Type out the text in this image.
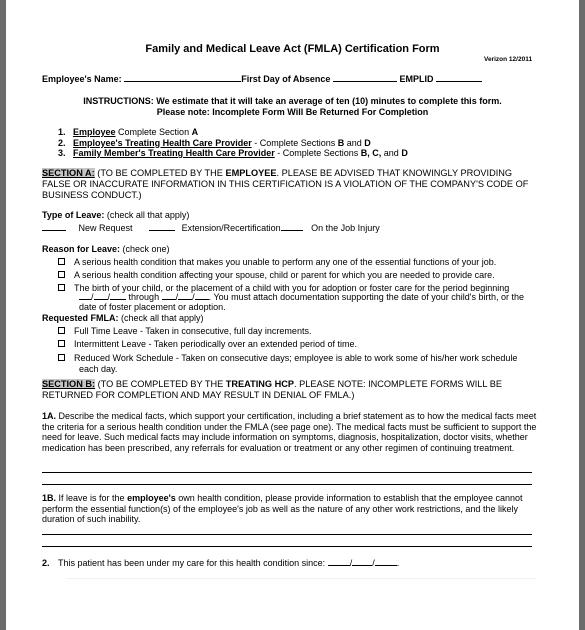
Family and Medical Leave Act (FMLA) Certification Form
Verizon 12/2011
Employee's Name:	First Day of Absence	EMPLID
INSTRUCTIONS: We estimate that it will take an average of ten (10) minutes to complete this form.
Please note: Incomplete Form Will Be Returned For Completion
1. Employee Complete Section A
2. Employee's Treating Health Care Provider - Complete Sections B and D
3. Family Member's Treating Health Care Provider - Complete Sections B, C, and D
SECTION A: (TO BE COMPLETED BY THE EMPLOYEE. PLEASE BE ADVISED THAT KNOWINGLY PROVIDING FALSE OR INACCURATE INFORMATION IN THIS CERTIFICATION IS A VIOLATION OF THE COMPANY'S CODE OF BUSINESS CONDUCT.)
Type of Leave: (check all that apply)
New Request	Extension/Recertification	On the Job Injury
Reason for Leave: (check one)
A serious health condition that makes you unable to perform any one of the essential functions of your job.
A serious health condition affecting your spouse, child or parent for which you are needed to provide care.
The birth of your child, or the placement of a child with you for adoption or foster care for the period beginning
/ / through / / . You must attach documentation supporting the date of your child's birth, or the date of foster placement or adoption.
Requested FMLA: (check all that apply)
Full Time Leave - Taken in consecutive, full day increments.
Intermittent Leave - Taken periodically over an extended period of time.
Reduced Work Schedule - Taken on consecutive days; employee is able to work some of his/her work schedule each day.
SECTION B: (TO BE COMPLETED BY THE TREATING HCP. PLEASE NOTE: INCOMPLETE FORMS WILL BE RETURNED FOR COMPLETION AND MAY RESULT IN DENIAL OF FMLA.)
1A. Describe the medical facts, which support your certification, including a brief statement as to how the medical facts meet the criteria for a serious health condition under the FMLA (see page one). The medical facts must be sufficient to support the need for leave. Such medical facts may include information on symptoms, diagnosis, hospitalization, doctor visits, whether medication has been prescribed, any referrals for evaluation or treatment or any other regimen of continuing treatment.
1B. If leave is for the employee's own health condition, please provide information to establish that the employee cannot perform the essential function(s) of the employee's job as well as the nature of any other work restrictions, and the likely duration of such inability.
2. This patient has been under my care for this health condition since:	/ / .
